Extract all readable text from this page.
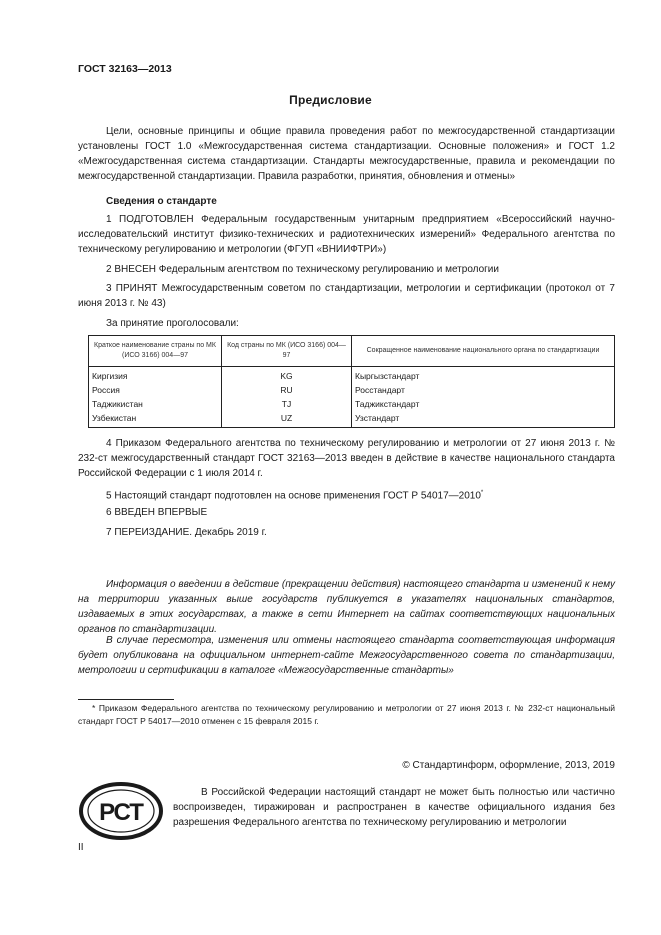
ГОСТ 32163—2013
Предисловие

Цели, основные принципы и общие правила проведения работ по межгосударственной стандартизации установлены ГОСТ 1.0 «Межгосударственная система стандартизации. Основные положения» и ГОСТ 1.2 «Межгосударственная система стандартизации. Стандарты межгосударственные, правила и рекомендации по межгосударственной стандартизации. Правила разработки, принятия, обновления и отмены»

Сведения о стандарте

1 ПОДГОТОВЛЕН Федеральным государственным унитарным предприятием «Всероссийский научно-исследовательский институт физико-технических и радиотехнических измерений» Федерального агентства по техническому регулированию и метрологии (ФГУП «ВНИИФТРИ»)

2 ВНЕСЕН Федеральным агентством по техническому регулированию и метрологии

3 ПРИНЯТ Межгосударственным советом по стандартизации, метрологии и сертификации (протокол от 7 июня 2013 г. № 43)

За принятие проголосовали:

Краткое наименование страны по МК (ИСО 3166) 004—97	Код страны по МК (ИСО 3166) 004—97	Сокращенное наименование национального органа по стандартизации
Киргизия	KG	Кыргызстандарт
Россия	RU	Росстандарт
Таджикистан	TJ	Таджикстандарт
Узбекистан	UZ	Узстандарт

4 Приказом Федерального агентства по техническому регулированию и метрологии от 27 июня 2013 г. № 232-ст межгосударственный стандарт ГОСТ 32163—2013 введен в действие в качестве национального стандарта Российской Федерации с 1 июля 2014 г.

5 Настоящий стандарт подготовлен на основе применения ГОСТ Р 54017—2010*

6 ВВЕДЕН ВПЕРВЫЕ

7 ПЕРЕИЗДАНИЕ. Декабрь 2019 г.

Информация о введении в действие (прекращении действия) настоящего стандарта и изменений к нему на территории указанных выше государств публикуется в указателях национальных стандартов, издаваемых в этих государствах, а также в сети Интернет на сайтах соответствующих национальных органов по стандартизации.

В случае пересмотра, изменения или отмены настоящего стандарта соответствующая информация будет опубликована на официальном интернет-сайте Межгосударственного совета по стандартизации, метрологии и сертификации в каталоге «Межгосударственные стандарты»

* Приказом Федерального агентства по техническому регулированию и метрологии от 27 июня 2013 г. № 232-ст национальный стандарт ГОСТ Р 54017—2010 отменен с 15 февраля 2015 г.

© Стандартинформ, оформление, 2013, 2019
РСТ

В Российской Федерации настоящий стандарт не может быть полностью или частично воспроизведен, тиражирован и распространен в качестве официального издания без разрешения Федерального агентства по техническому регулированию и метрологии

II
